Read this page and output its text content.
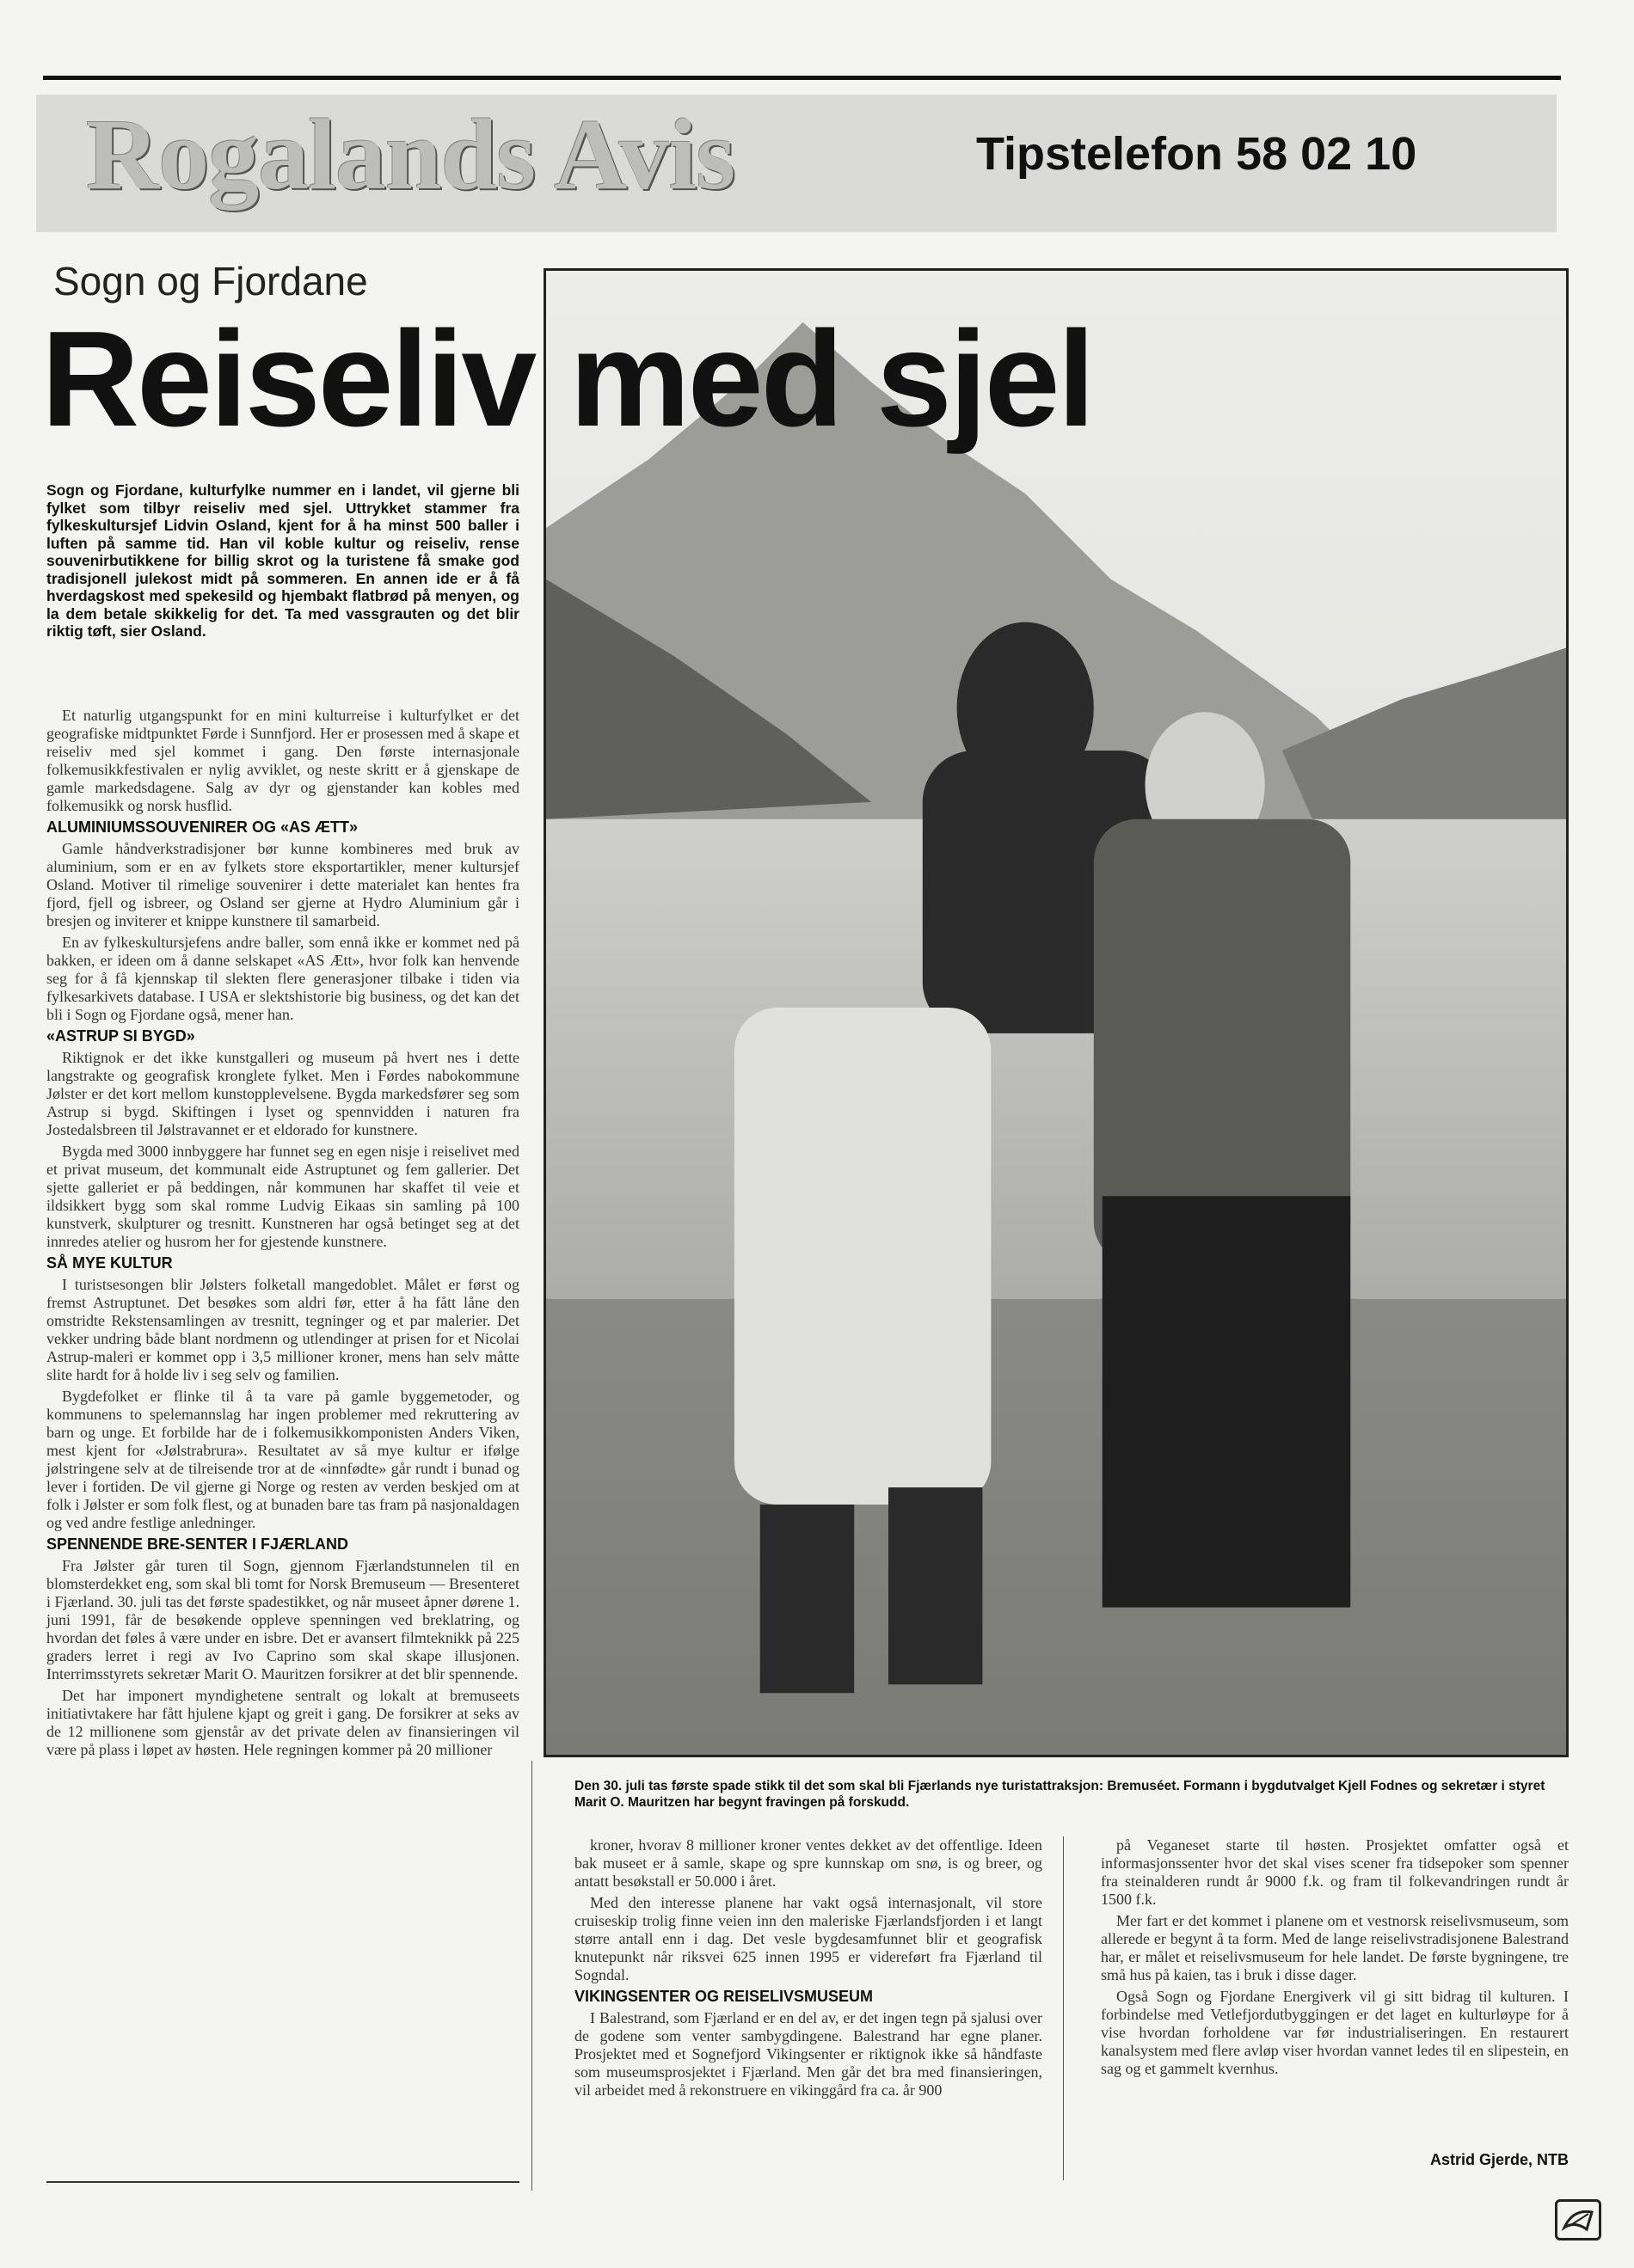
Rogalands Avis	Tipstelefon 58 02 10
Sogn og Fjordane
Reiseliv med sjel
Sogn og Fjordane, kulturfylke nummer en i landet, vil gjerne bli fylket som tilbyr reiseliv med sjel. Uttrykket stammer fra fylkeskultursjef Lidvin Osland, kjent for å ha minst 500 baller i luften på samme tid. Han vil koble kultur og reiseliv, rense souvenirbutikkene for billig skrot og la turistene få smake god tradisjonell julekost midt på sommeren. En annen ide er å få hverdagskost med spekesild og hjembakt flatbrød på menyen, og la dem betale skikkelig for det. Ta med vassgrauten og det blir riktig tøft, sier Osland.

Et naturlig utgangspunkt for en mini kulturreise i kulturfylket er det geografiske midtpunktet Førde i Sunnfjord. Her er prosessen med å skape et reiseliv med sjel kommet i gang. Den første internasjonale folkemusikkfestivalen er nylig avviklet, og neste skritt er å gjenskape de gamle markedsdagene. Salg av dyr og gjenstander kan kobles med folkemusikk og norsk husflid.

ALUMINIUMSSOUVENIRER OG «AS ÆTT»

Gamle håndverkstradisjoner bør kunne kombineres med bruk av aluminium, som er en av fylkets store eksportartikler, mener kultursjef Osland. Motiver til rimelige souvenirer i dette materialet kan hentes fra fjord, fjell og isbreer, og Osland ser gjerne at Hydro Aluminium går i bresjen og inviterer et knippe kunstnere til samarbeid.

En av fylkeskultursjefens andre baller, som ennå ikke er kommet ned på bakken, er ideen om å danne selskapet «AS Ætt», hvor folk kan henvende seg for å få kjennskap til slekten flere generasjoner tilbake i tiden via fylkesarkivets database. I USA er slektshistorie big business, og det kan det bli i Sogn og Fjordane også, mener han.

«ASTRUP SI BYGD»

Riktignok er det ikke kunstgalleri og museum på hvert nes i dette langstrakte og geografisk kronglete fylket. Men i Førdes nabokommune Jølster er det kort mellom kunstopplevelsene. Bygda markedsfører seg som Astrup si bygd. Skiftingen i lyset og spennvidden i naturen fra Jostedalsbreen til Jølstravannet er et eldorado for kunstnere.

Bygda med 3000 innbyggere har funnet seg en egen nisje i reiselivet med et privat museum, det kommunalt eide Astruptunet og fem gallerier. Det sjette galleriet er på beddingen, når kommunen har skaffet til veie et ildsikkert bygg som skal romme Ludvig Eikaas sin samling på 100 kunstverk, skulpturer og tresnitt. Kunstneren har også betinget seg at det innredes atelier og husrom her for gjestende kunstnere.

SÅ MYE KULTUR

I turistsesongen blir Jølsters folketall mangedoblet. Målet er først og fremst Astruptunet. Det besøkes som aldri før, etter å ha fått låne den omstridte Rekstensamlingen av tresnitt, tegninger og et par malerier. Det vekker undring både blant nordmenn og utlendinger at prisen for et Nicolai Astrup-maleri er kommet opp i 3,5 millioner kroner, mens han selv måtte slite hardt for å holde liv i seg selv og familien.

Bygdefolket er flinke til å ta vare på gamle byggemetoder, og kommunens to spelemannslag har ingen problemer med rekruttering av barn og unge. Et forbilde har de i folkemusikkomponisten Anders Viken, mest kjent for «Jølstrabrura». Resultatet av så mye kultur er ifølge jølstringene selv at de tilreisende tror at de «innfødte» går rundt i bunad og lever i fortiden. De vil gjerne gi Norge og resten av verden beskjed om at folk i Jølster er som folk flest, og at bunaden bare tas fram på nasjonaldagen og ved andre festlige anledninger.

SPENNENDE BRE-SENTER I FJÆRLAND

Fra Jølster går turen til Sogn, gjennom Fjærlandstunnelen til en blomsterdekket eng, som skal bli tomt for Norsk Bremuseum — Bresenteret i Fjærland. 30. juli tas det første spadestikket, og når museet åpner dørene 1. juni 1991, får de besøkende oppleve spenningen ved breklatring, og hvordan det føles å være under en isbre. Det er avansert filmteknikk på 225 graders lerret i regi av Ivo Caprino som skal skape illusjonen. Interrimsstyrets sekretær Marit O. Mauritzen forsikrer at det blir spennende.

Det har imponert myndighetene sentralt og lokalt at bremuseets initiativtakere har fått hjulene kjapt og greit i gang. De forsikrer at seks av de 12 millionene som gjenstår av det private delen av finansieringen vil være på plass i løpet av høsten. Hele regningen kommer på 20 millioner

Den 30. juli tas første spade stikk til det som skal bli Fjærlands nye turistattraksjon: Bremuséet. Formann i bygdutvalget Kjell Fodnes og sekretær i styret Marit O. Mauritzen har begynt fravingen på forskudd.

kroner, hvorav 8 millioner kroner ventes dekket av det offentlige. Ideen bak museet er å samle, skape og spre kunnskap om snø, is og breer, og antatt besøkstall er 50.000 i året.

Med den interesse planene har vakt også internasjonalt, vil store cruiseskip trolig finne veien inn den maleriske Fjærlandsfjorden i et langt større antall enn i dag. Det vesle bygdesamfunnet blir et geografisk knutepunkt når riksvei 625 innen 1995 er videreført fra Fjærland til Sogndal.

VIKINGSENTER OG REISELIVSMUSEUM

I Balestrand, som Fjærland er en del av, er det ingen tegn på sjalusi over de godene som venter sambygdingene. Balestrand har egne planer. Prosjektet med et Sognefjord Vikingsenter er riktignok ikke så håndfaste som museumsprosjektet i Fjærland. Men går det bra med finansieringen, vil arbeidet med å rekonstruere en vikinggård fra ca. år 900

på Veganeset starte til høsten. Prosjektet omfatter også et informasjonssenter hvor det skal vises scener fra tidsepoker som spenner fra steinalderen rundt år 9000 f.k. og fram til folkevandringen rundt år 1500 f.k.

Mer fart er det kommet i planene om et vestnorsk reiselivsmuseum, som allerede er begynt å ta form. Med de lange reiselivstradisjonene Balestrand har, er målet et reiselivsmuseum for hele landet. De første bygningene, tre små hus på kaien, tas i bruk i disse dager.

Også Sogn og Fjordane Energiverk vil gi sitt bidrag til kulturen. I forbindelse med Vetlefjordutbyggingen er det laget en kulturløype for å vise hvordan forholdene var før industrialiseringen. En restaurert kanalsystem med flere avløp viser hvordan vannet ledes til en slipestein, en sag og et gammelt kvernhus.

Astrid Gjerde, NTB
